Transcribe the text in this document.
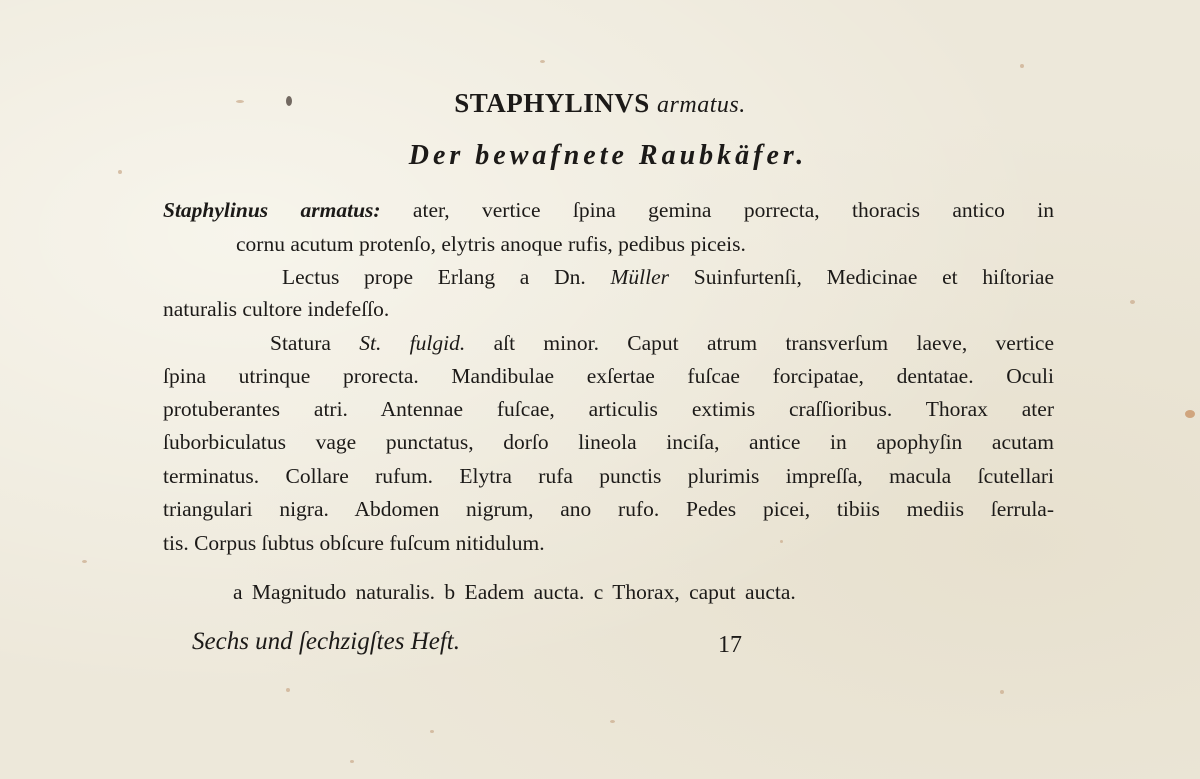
STAPHYLINVS armatus.
Der bewafnete Raubkäfer.
Staphylinus armatus: ater, vertice ſpina gemina porrecta, thoracis antico in
cornu acutum protenſo, elytris anoque rufis, pedibus piceis.
Lectus prope Erlang a Dn. Müller Suinfurtenſi, Medicinae et hiſtoriae
naturalis cultore indefeſſo.
Statura St. fulgid. aſt minor. Caput atrum transverſum laeve, vertice
ſpina utrinque prorecta. Mandibulae exſertae fuſcae forcipatae, dentatae. Oculi
protuberantes atri. Antennae fuſcae, articulis extimis craſſioribus. Thorax ater
ſuborbiculatus vage punctatus, dorſo lineola inciſa, antice in apophyſin acutam
terminatus. Collare rufum. Elytra rufa punctis plurimis impreſſa, macula ſcutellari
triangulari nigra. Abdomen nigrum, ano rufo. Pedes picei, tibiis mediis ſerrula-
tis. Corpus ſubtus obſcure fuſcum nitidulum.
a Magnitudo naturalis. b Eadem aucta. c Thorax, caput aucta.
Sechs und ſechzigſtes Heft.	17
